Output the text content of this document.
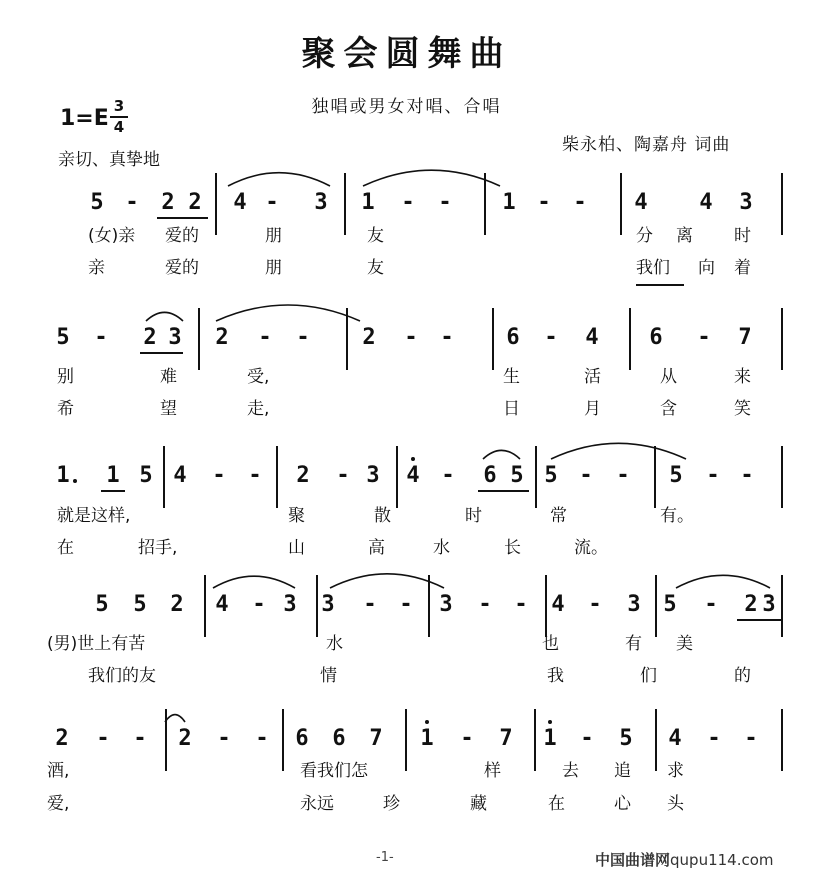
聚会圆舞曲
独唱或男女对唱、合唱
1=E 3
4
亲切、真挚地
柴永柏、陶嘉舟 词曲
5 - 2 2 4 - 3 1 - - 1 - - 4 4 3
(女)亲 爱的	朋	友	分 离 时
亲	爱的	朋	友	我们 向 着
5 - 2 3 2 - - 2 - - 6 - 4 6 - 7
别	难	受,	生	活	从	来
希	望	走,	日	月	含	笑
1 1 5 4 - - 2 - 3 4 - 6 5 5 - - 5 - -
就是这样,	聚	散	时	常	有。
在	招手,	山	高	水	长	流。
5 5 2 4 - 3 3 - - 3 - - 4 - 3 5 - 2 3
(男)世上有苦	水	也	有 美
我们的友	情	我	们	的
2 - - 2 - - 6 6 7 1 - 7 1 - 5 4 - -
酒,	看我们怎	样	去 追 求
爱,	永远	珍	藏	在	心 头
-1-	中国曲谱网qupu114.com
